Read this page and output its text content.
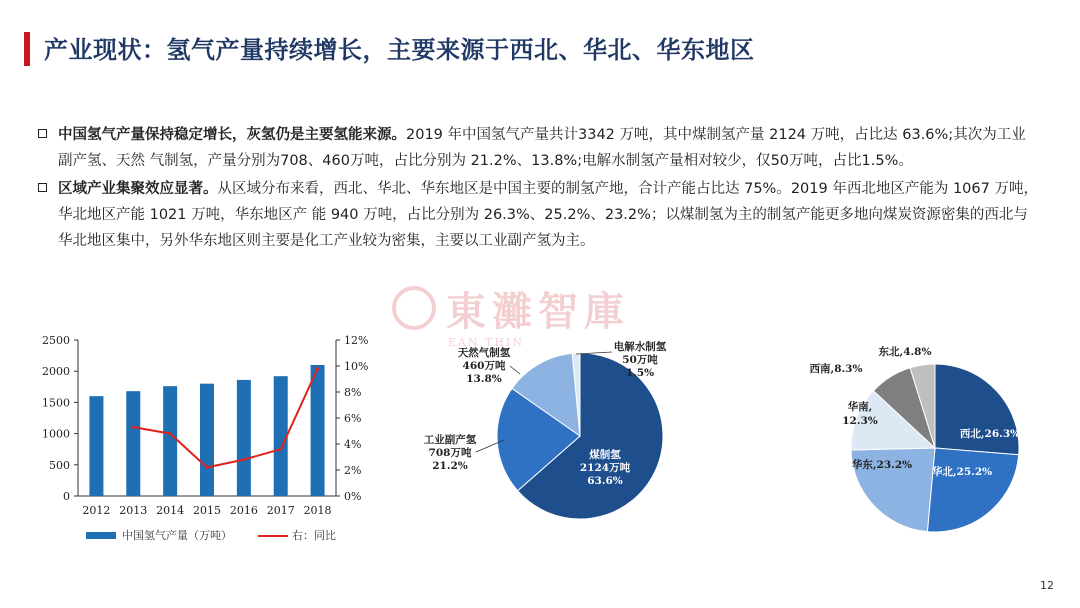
产业现状：氢气产量持续增长，主要来源于西北、华北、华东地区
中国氢气产量保持稳定增长，灰氢仍是主要氢能来源。2019 年中国氢气产量共计3342 万吨，其中煤制氢产量 2124 万吨，占比达 63.6%;其次为工业副产氢、天然 气制氢，产量分别为708、460万吨，占比分别为 21.2%、13.8%;电解水制氢产量相对较少，仅50万吨，占比1.5%。
区域产业集聚效应显著。从区域分布来看，西北、华北、华东地区是中国主要的制氢产地，合计产能占比达 75%。2019 年西北地区产能为 1067 万吨，华北地区产能 1021 万吨，华东地区产 能 940 万吨，占比分别为 26.3%、25.2%、23.2%；以煤制氢为主的制氢产能更多地向煤炭资源密集的西北与华北地区集中，另外华东地区则主要是化工产业较为密集，主要以工业副产氢为主。
東灘智庫
EAN THIN
0
500
1000
1500
2000
2500
0%
2%
4%
6%
8%
10%
12%
2012 2013 2014 2015 2016 2017 2018
中国氢气产量（万吨）	右：同比
煤制氢
2124万吨
63.6%
工业副产氢
708万吨
21.2%
天然气制氢
460万吨
13.8%
电解水制氢
50万吨
1.5%
西北,26.3%
华北,25.2%
华东,23.2%
华南,
12.3%
西南,8.3%
东北,4.8%
12
